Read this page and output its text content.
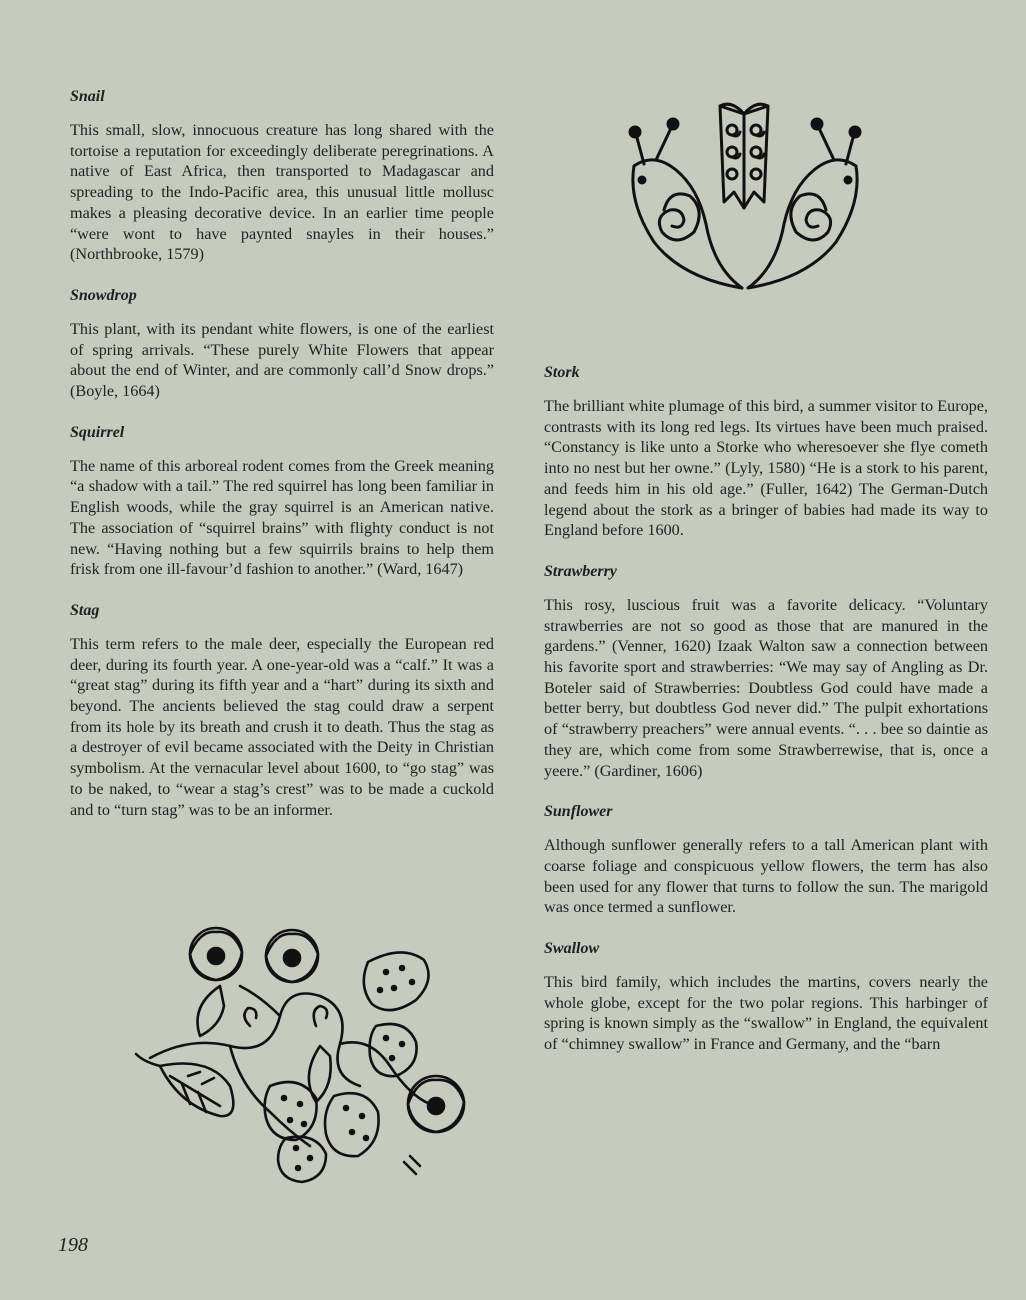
Snail

This small, slow, innocuous creature has long shared with the tortoise a reputation for exceedingly deliberate peregrinations. A native of East Africa, then transported to Madagascar and spreading to the Indo-Pacific area, this unusual little mollusc makes a pleasing decorative device. In an earlier time people “were wont to have paynted snayles in their houses.” (Northbrooke, 1579)

Snowdrop

This plant, with its pendant white flowers, is one of the earliest of spring arrivals. “These purely White Flowers that appear about the end of Winter, and are commonly call’d Snow drops.” (Boyle, 1664)

Squirrel

The name of this arboreal rodent comes from the Greek meaning “a shadow with a tail.” The red squirrel has long been familiar in English woods, while the gray squirrel is an American native. The association of “squirrel brains” with flighty conduct is not new. “Having nothing but a few squirrils brains to help them frisk from one ill-favour’d fashion to another.” (Ward, 1647)

Stag

This term refers to the male deer, especially the European red deer, during its fourth year. A one-year-old was a “calf.” It was a “great stag” during its fifth year and a “hart” during its sixth and beyond. The ancients believed the stag could draw a serpent from its hole by its breath and crush it to death. Thus the stag as a destroyer of evil became associated with the Deity in Christian symbolism. At the vernacular level about 1600, to “go stag” was to be naked, to “wear a stag’s crest” was to be made a cuckold and to “turn stag” was to be an informer.

Stork

The brilliant white plumage of this bird, a summer visitor to Europe, contrasts with its long red legs. Its virtues have been much praised. “Constancy is like unto a Storke who wheresoever she flye cometh into no nest but her owne.” (Lyly, 1580) “He is a stork to his parent, and feeds him in his old age.” (Fuller, 1642) The German-Dutch legend about the stork as a bringer of babies had made its way to England before 1600.

Strawberry

This rosy, luscious fruit was a favorite delicacy. “Voluntary strawberries are not so good as those that are manured in the gardens.” (Venner, 1620) Izaak Walton saw a connection between his favorite sport and strawberries: “We may say of Angling as Dr. Boteler said of Strawberries: Doubtless God could have made a better berry, but doubtless God never did.” The pulpit exhortations of “strawberry preachers” were annual events. “. . . bee so daintie as they are, which come from some Strawberrewise, that is, once a yeere.” (Gardiner, 1606)

Sunflower

Although sunflower generally refers to a tall American plant with coarse foliage and conspicuous yellow flowers, the term has also been used for any flower that turns to follow the sun. The marigold was once termed a sunflower.

Swallow

This bird family, which includes the martins, covers nearly the whole globe, except for the two polar regions. This harbinger of spring is known simply as the “swallow” in England, the equivalent of “chimney swallow” in France and Germany, and the “barn

198
